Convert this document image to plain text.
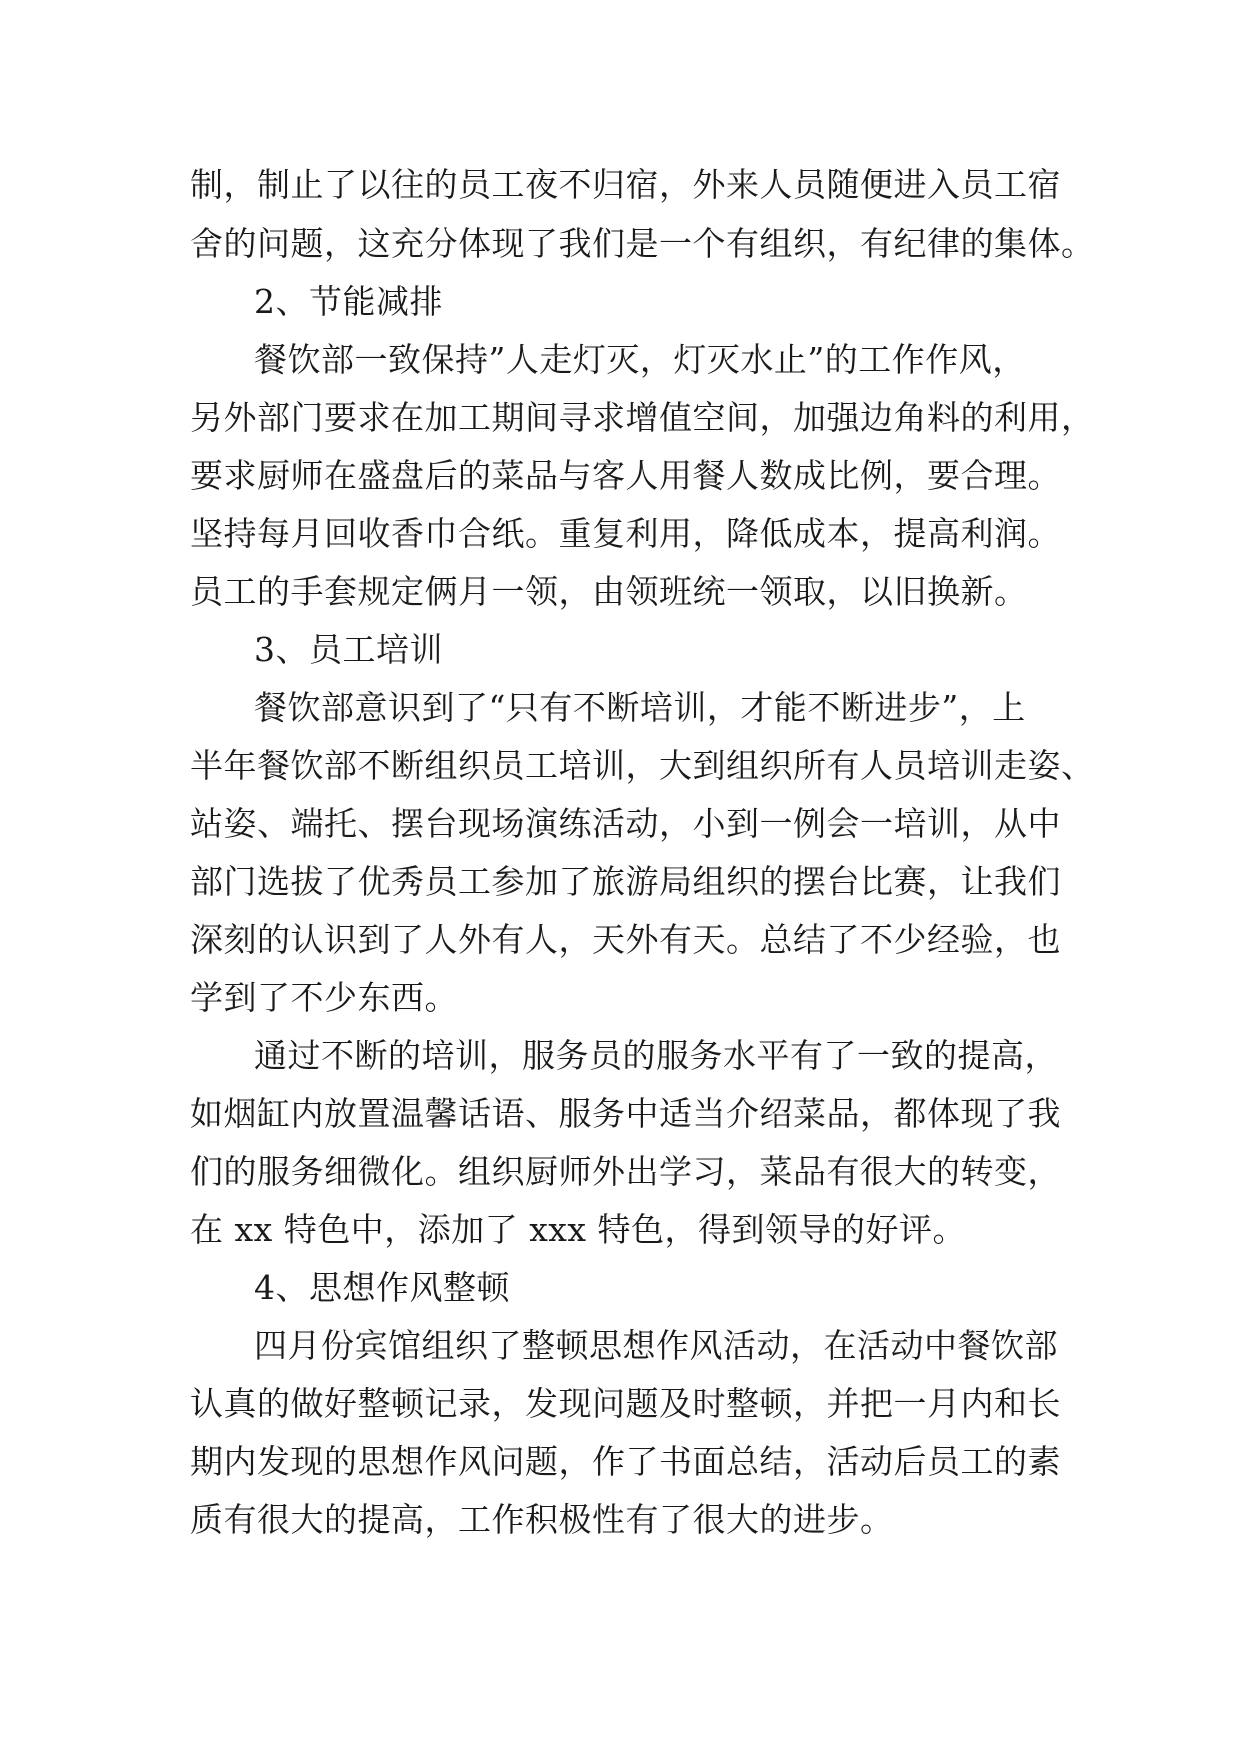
制，制止了以往的员工夜不归宿，外来人员随便进入员工宿
舍的问题，这充分体现了我们是一个有组织，有纪律的集体。
2、节能减排
餐饮部一致保持”人走灯灭，灯灭水止”的工作作风，
另外部门要求在加工期间寻求增值空间，加强边角料的利用，
要求厨师在盛盘后的菜品与客人用餐人数成比例，要合理。
坚持每月回收香巾合纸。重复利用，降低成本，提高利润。
员工的手套规定俩月一领，由领班统一领取，以旧换新。
3、员工培训
餐饮部意识到了“只有不断培训，才能不断进步”，上
半年餐饮部不断组织员工培训，大到组织所有人员培训走姿、
站姿、端托、摆台现场演练活动，小到一例会一培训，从中
部门选拔了优秀员工参加了旅游局组织的摆台比赛，让我们
深刻的认识到了人外有人，天外有天。总结了不少经验，也
学到了不少东西。
通过不断的培训，服务员的服务水平有了一致的提高，
如烟缸内放置温馨话语、服务中适当介绍菜品，都体现了我
们的服务细微化。组织厨师外出学习，菜品有很大的转变，
在 xx 特色中，添加了 xxx 特色，得到领导的好评。
4、思想作风整顿
四月份宾馆组织了整顿思想作风活动，在活动中餐饮部
认真的做好整顿记录，发现问题及时整顿，并把一月内和长
期内发现的思想作风问题，作了书面总结，活动后员工的素
质有很大的提高，工作积极性有了很大的进步。
